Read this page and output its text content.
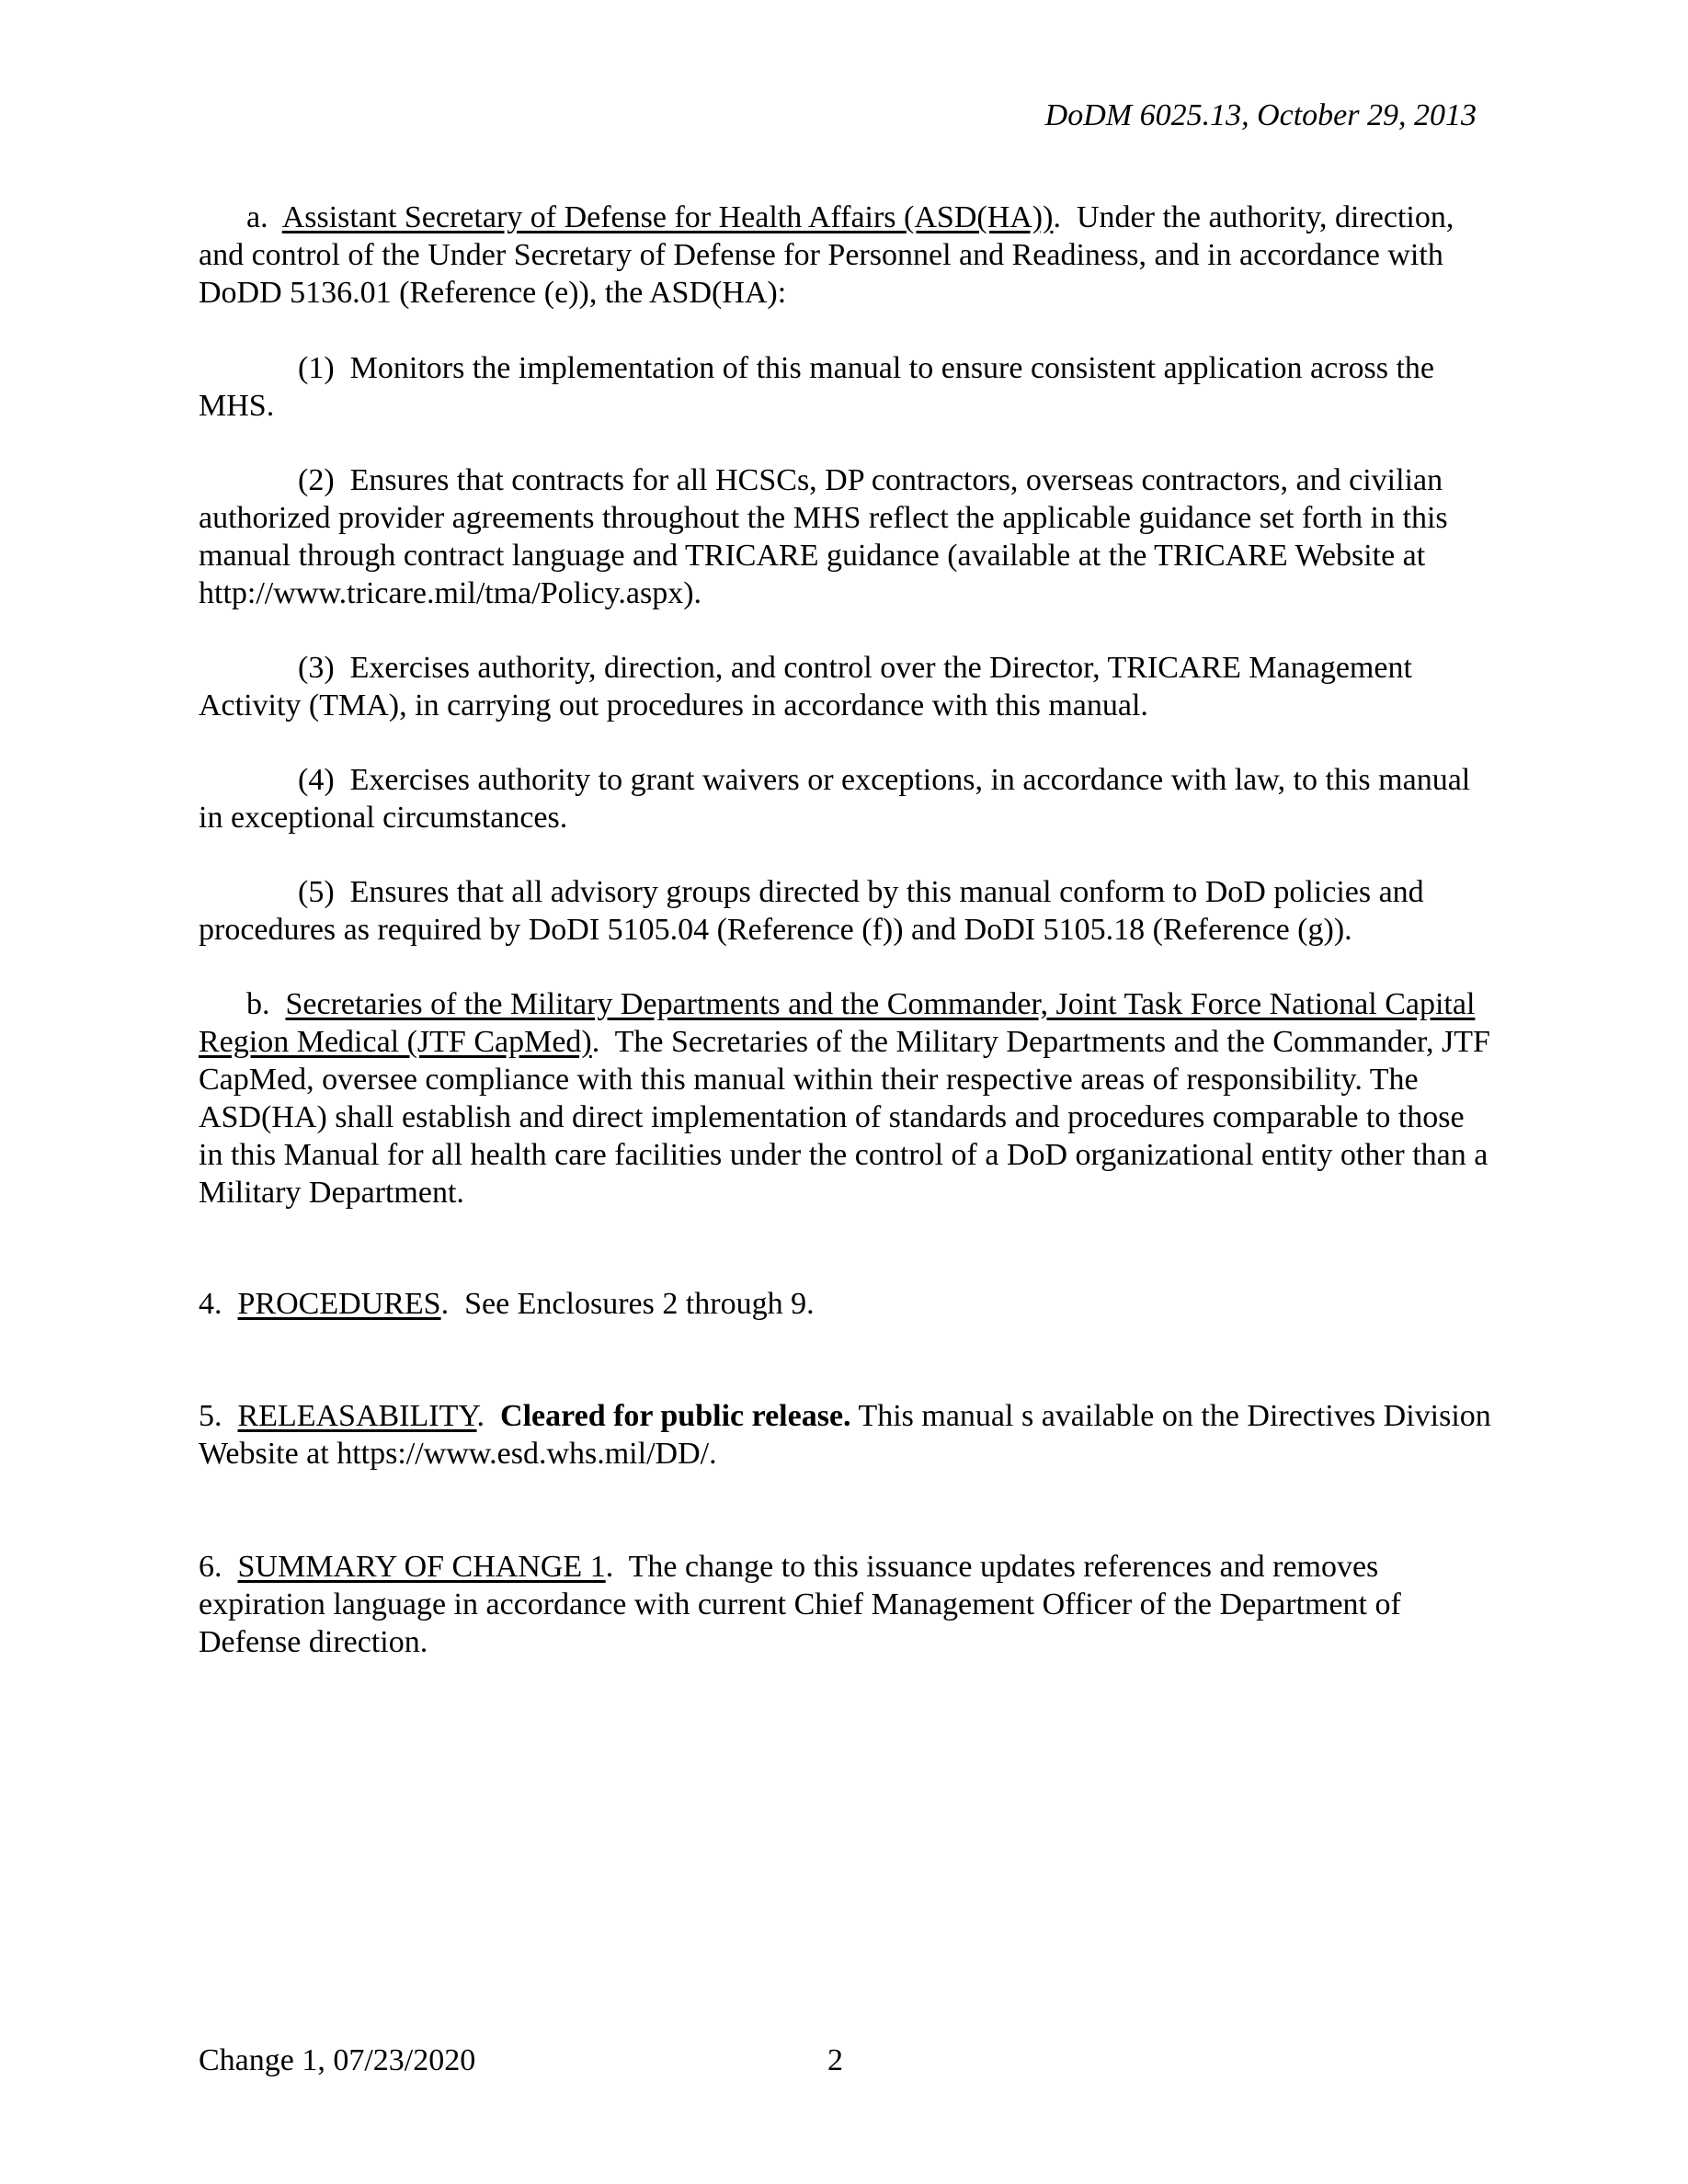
DoDM 6025.13, October 29, 2013

a. Assistant Secretary of Defense for Health Affairs (ASD(HA)). Under the authority, direction, and control of the Under Secretary of Defense for Personnel and Readiness, and in accordance with DoDD 5136.01 (Reference (e)), the ASD(HA):

(1) Monitors the implementation of this manual to ensure consistent application across the MHS.

(2) Ensures that contracts for all HCSCs, DP contractors, overseas contractors, and civilian authorized provider agreements throughout the MHS reflect the applicable guidance set forth in this manual through contract language and TRICARE guidance (available at the TRICARE Website at http://www.tricare.mil/tma/Policy.aspx).

(3) Exercises authority, direction, and control over the Director, TRICARE Management Activity (TMA), in carrying out procedures in accordance with this manual.

(4) Exercises authority to grant waivers or exceptions, in accordance with law, to this manual in exceptional circumstances.

(5) Ensures that all advisory groups directed by this manual conform to DoD policies and procedures as required by DoDI 5105.04 (Reference (f)) and DoDI 5105.18 (Reference (g)).

b. Secretaries of the Military Departments and the Commander, Joint Task Force National Capital Region Medical (JTF CapMed). The Secretaries of the Military Departments and the Commander, JTF CapMed, oversee compliance with this manual within their respective areas of responsibility. The ASD(HA) shall establish and direct implementation of standards and procedures comparable to those in this Manual for all health care facilities under the control of a DoD organizational entity other than a Military Department.

4. PROCEDURES. See Enclosures 2 through 9.

5. RELEASABILITY. Cleared for public release. This manual s available on the Directives Division Website at https://www.esd.whs.mil/DD/.

6. SUMMARY OF CHANGE 1. The change to this issuance updates references and removes expiration language in accordance with current Chief Management Officer of the Department of Defense direction.

Change 1, 07/23/2020	2
